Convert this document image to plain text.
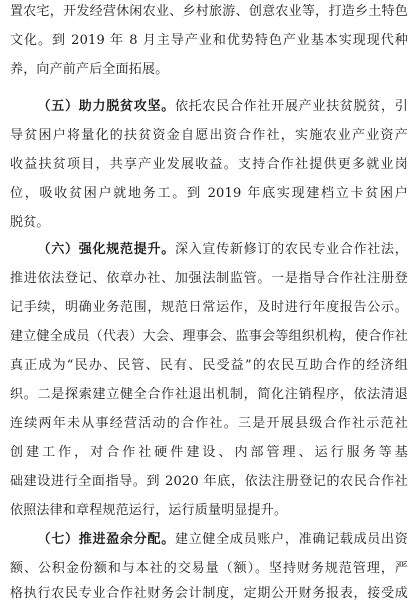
置农宅，开发经营休闲农业、乡村旅游、创意农业等，打造乡土特色
文化。到 2019 年 8 月主导产业和优势特色产业基本实现现代种
养，向产前产后全面拓展。
（五）助力脱贫攻坚。依托农民合作社开展产业扶贫脱贫，引
导贫困户将量化的扶贫资金自愿出资合作社，实施农业产业资产
收益扶贫项目，共享产业发展收益。支持合作社提供更多就业岗
位，吸收贫困户就地务工。到 2019 年底实现建档立卡贫困户
脱贫。
（六）强化规范提升。深入宣传新修订的农民专业合作社法，
推进依法登记、依章办社、加强法制监管。一是指导合作社注册登
记手续，明确业务范围，规范日常运作，及时进行年度报告公示。
建立健全成员（代表）大会、理事会、监事会等组织机构，使合作社
真正成为“民办、民管、民有、民受益”的农民互助合作的经济组
织。二是探索建立健全合作社退出机制，简化注销程序，依法清退
连续两年未从事经营活动的合作社。三是开展县级合作社示范社
创建工作，对合作社硬件建设、内部管理、运行服务等基
础建设进行全面指导。到 2020 年底，依法注册登记的农民合作社
依照法律和章程规范运行，运行质量明显提升。
（七）推进盈余分配。建立健全成员账户，准确记载成员出资
额、公积金份额和与本社的交易量（额）。坚持财务规范管理，严
格执行农民专业合作社财务会计制度，定期公开财务报表，接受成
